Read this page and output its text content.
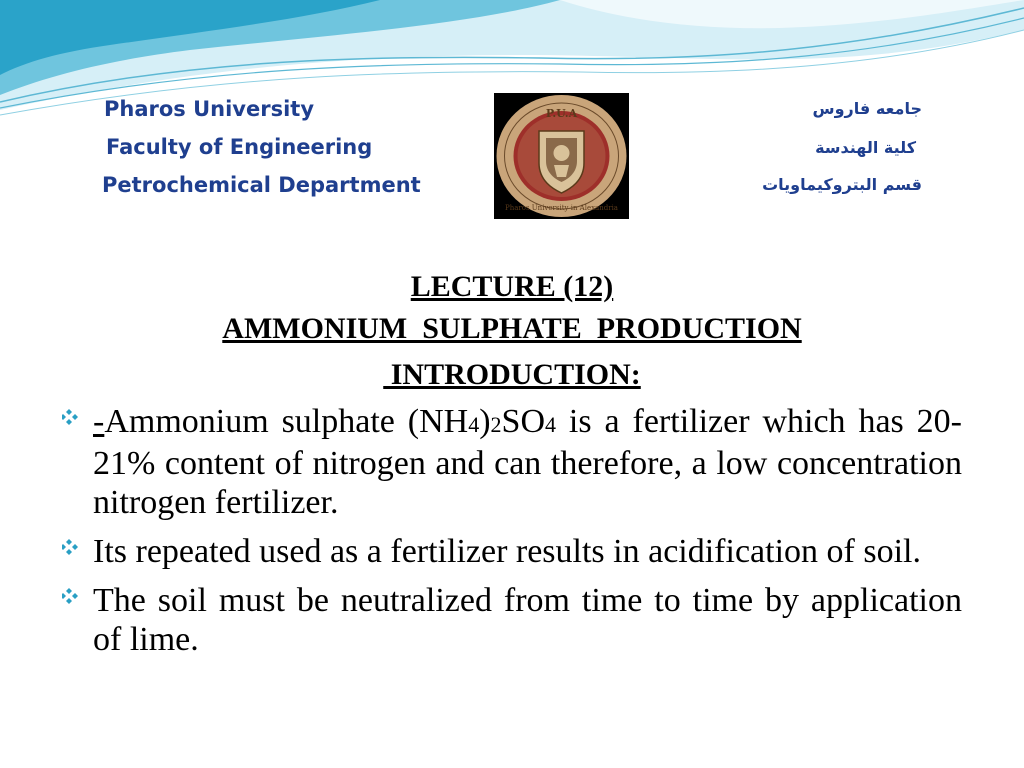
Pharos University
Faculty of Engineering
Petrochemical Department
جامعه فاروس
كلية الهندسة
قسم البتروكيماويات
P.U.A
Pharos University in Alexandria
LECTURE (12)
AMMONIUM  SULPHATE  PRODUCTION
INTRODUCTION:
-Ammonium sulphate (NH4)2SO4 is a fertilizer which has 20-21% content of nitrogen and can therefore, a low concentration nitrogen fertilizer.
Its repeated used as a fertilizer results in acidification of soil.
The soil must be neutralized from time to time by application of lime.
